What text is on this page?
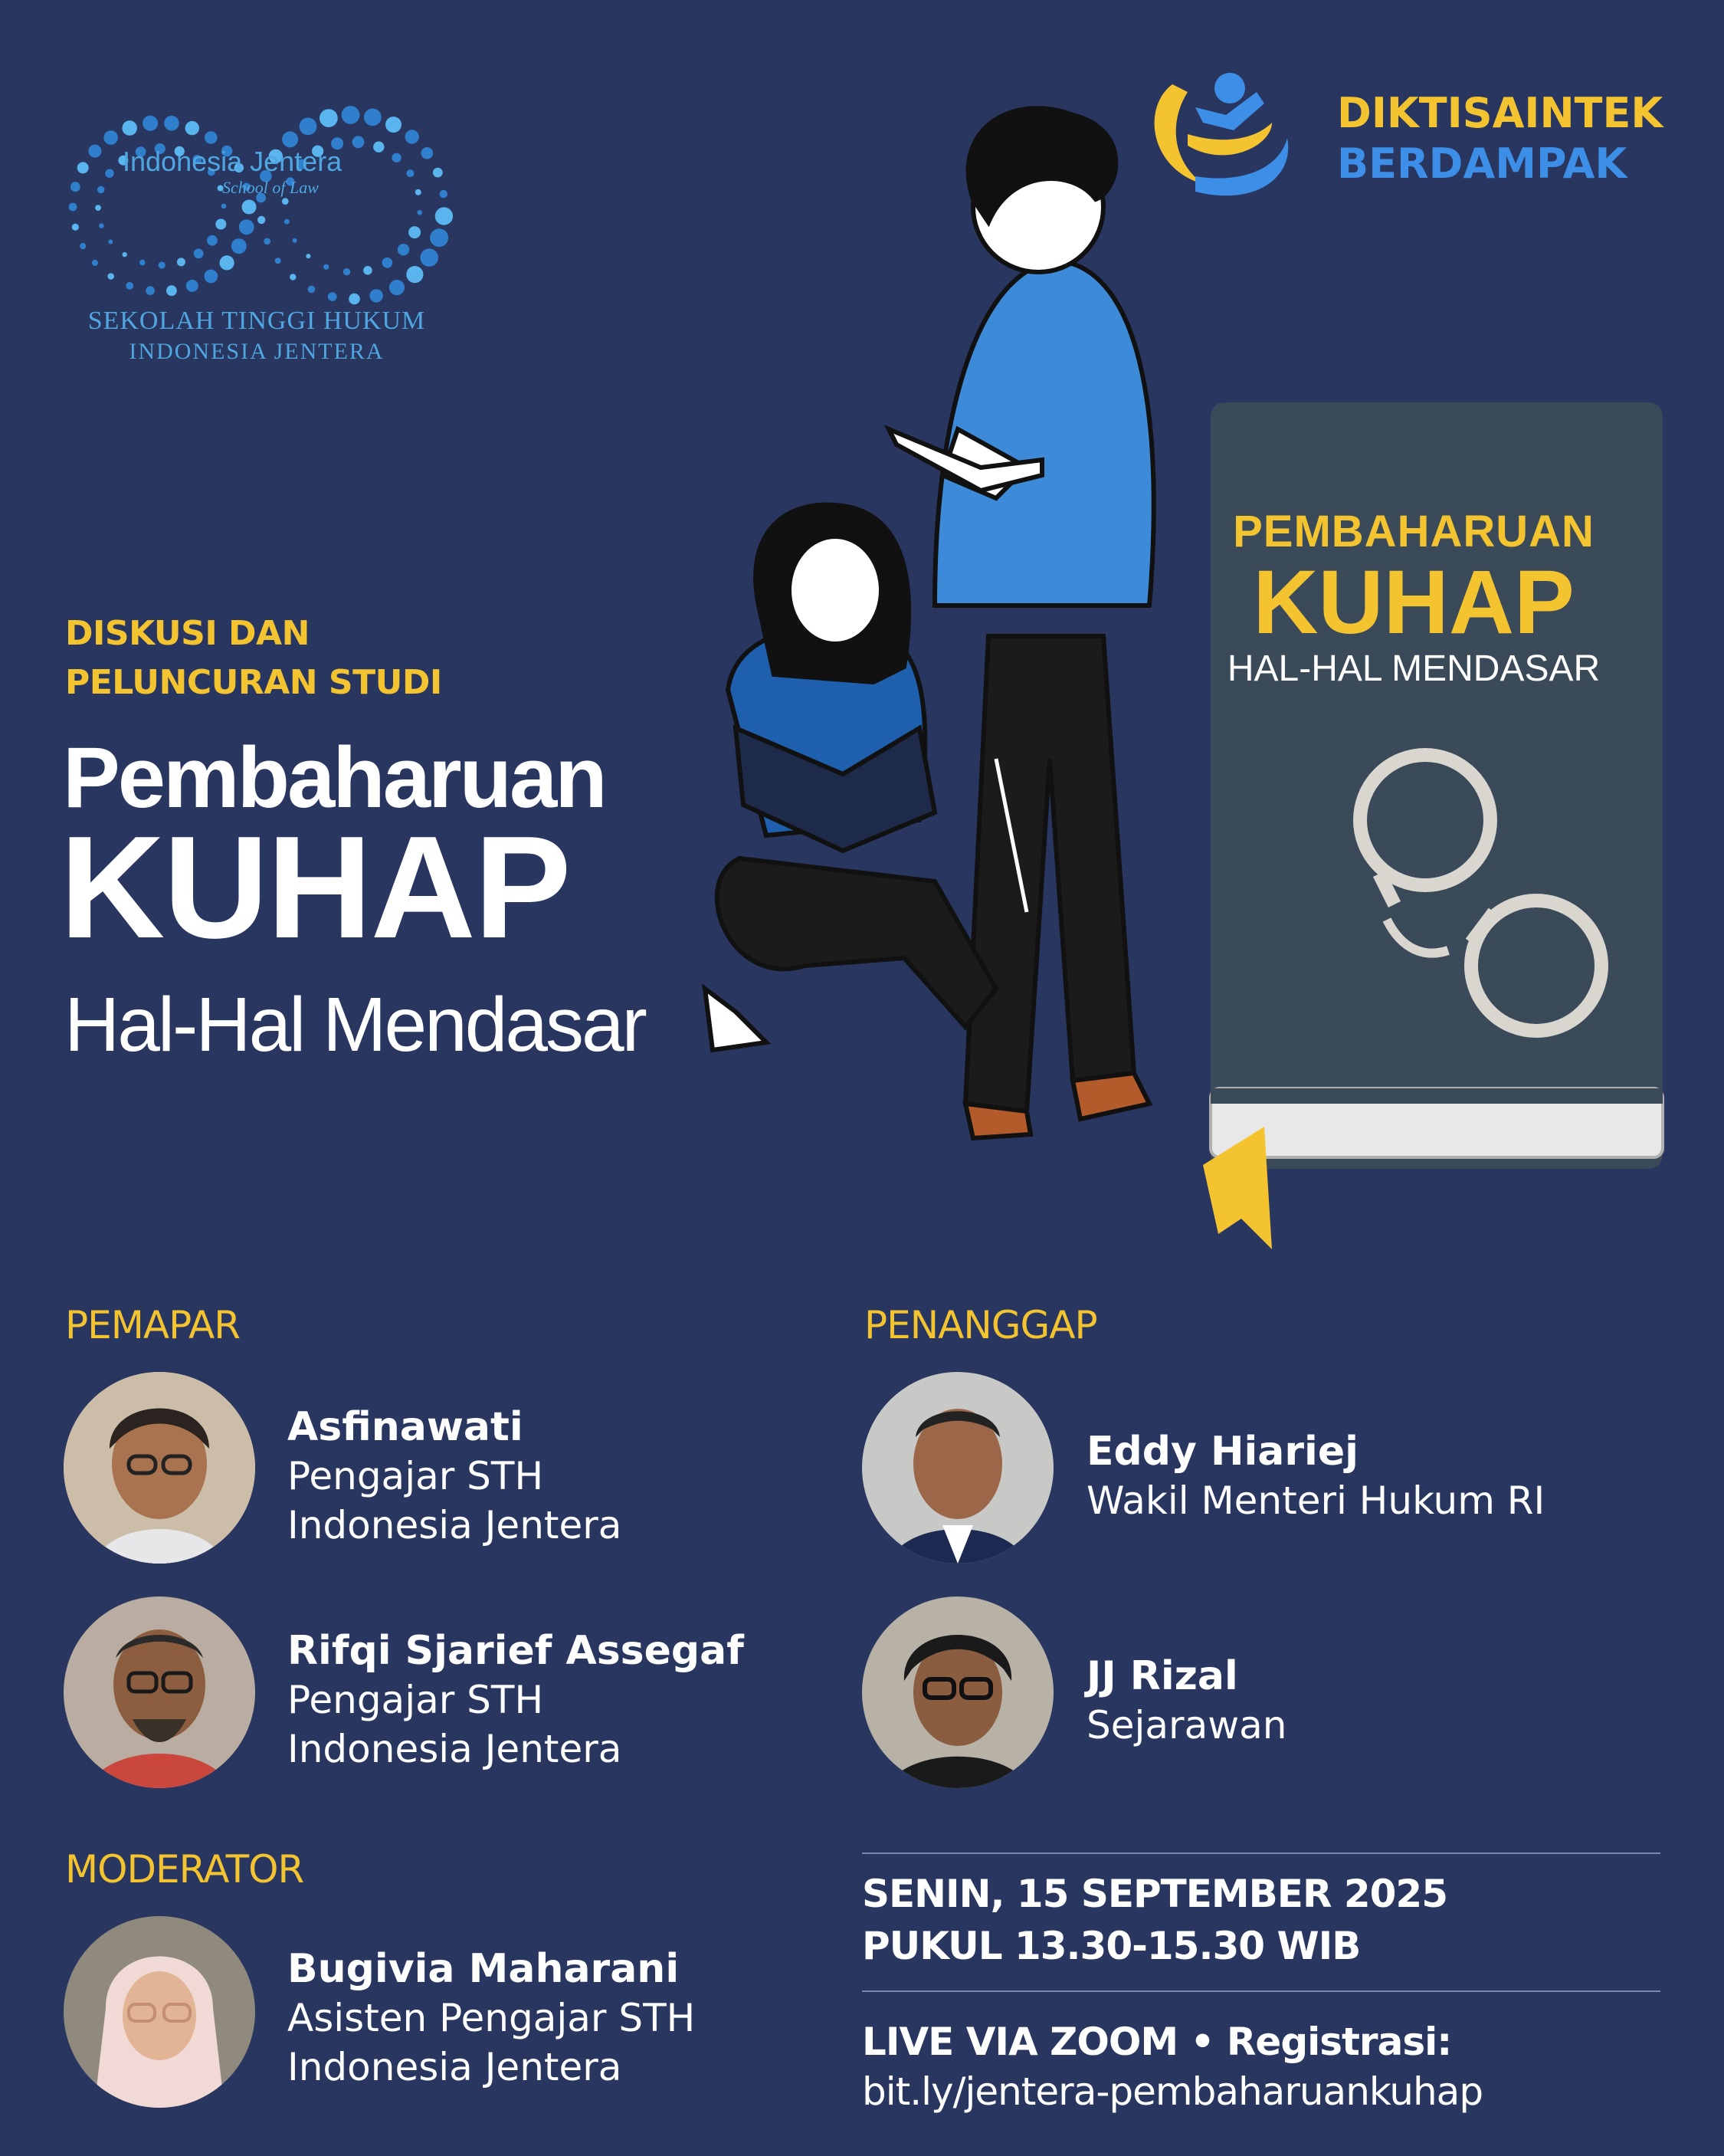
Indonesia Jentera
School of Law
SEKOLAH TINGGI HUKUM
INDONESIA JENTERA
DIKTISAINTEK
BERDAMPAK
DISKUSI DAN
PELUNCURAN STUDI
Pembaharuan
KUHAP
Hal-Hal Mendasar
PEMBAHARUAN
KUHAP
HAL-HAL MENDASAR
PEMAPAR
Asfinawati
Pengajar STH
Indonesia Jentera
Rifqi Sjarief Assegaf
Pengajar STH
Indonesia Jentera
MODERATOR
Bugivia Maharani
Asisten Pengajar STH
Indonesia Jentera
PENANGGAP
Eddy Hiariej
Wakil Menteri Hukum RI
JJ Rizal
Sejarawan
SENIN, 15 SEPTEMBER 2025
PUKUL 13.30-15.30 WIB
LIVE VIA ZOOM • Registrasi:
bit.ly/jentera-pembaharuankuhap
